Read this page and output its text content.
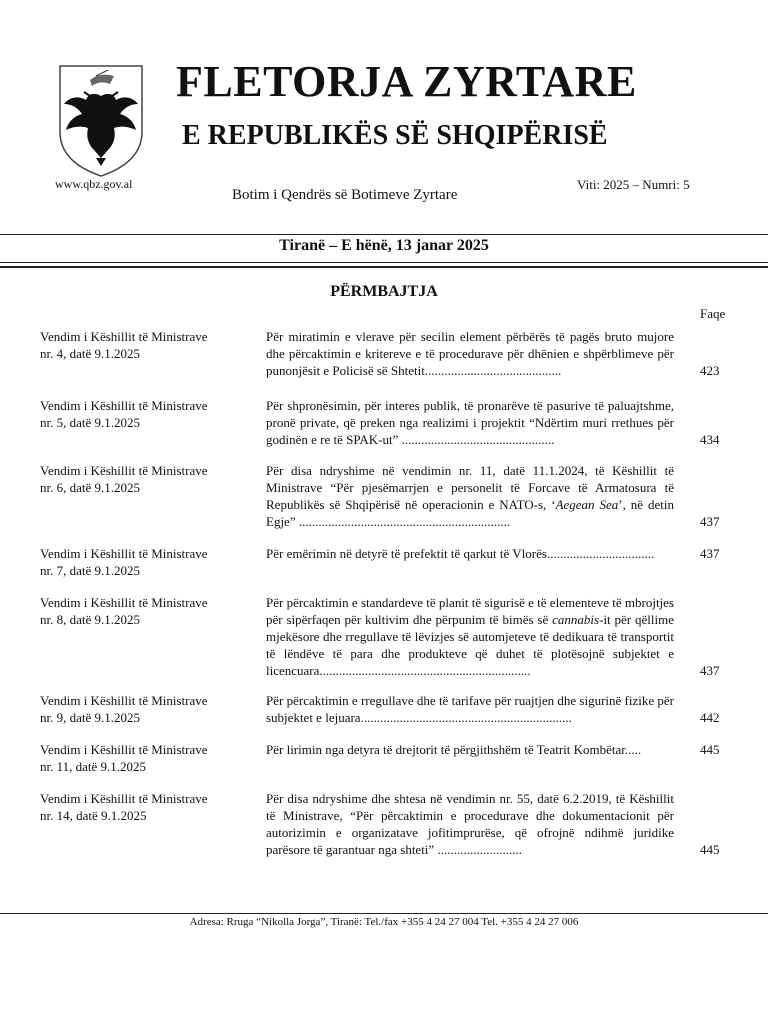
FLETORJA ZYRTARE
E REPUBLIKËS SË SHQIPËRISË
www.qbz.gov.al
Botim i Qendrës së Botimeve Zyrtare
Viti: 2025 – Numri: 5
Tiranë – E hënë, 13 janar 2025
PËRMBAJTJA
Faqe
Vendim i Këshillit të Ministrave
nr. 4, datë 9.1.2025
Për miratimin e vlerave për secilin element përbërës të pagës bruto mujore dhe përcaktimin e kritereve e të procedurave për dhënien e shpërblimeve për punonjësit e Policisë së Shtetit..........................................	423
Vendim i Këshillit të Ministrave
nr. 5, datë 9.1.2025
Për shpronësimin, për interes publik, të pronarëve të pasurive të paluajtshme, pronë private, që preken nga realizimi i projektit “Ndërtim muri rrethues për godinën e re të SPAK-ut” ...............................................	434
Vendim i Këshillit të Ministrave
nr. 6, datë 9.1.2025
Për disa ndryshime në vendimin nr. 11, datë 11.1.2024, të Këshillit të Ministrave “Për pjesëmarrjen e personelit të Forcave të Armatosura të Republikës së Shqipërisë në operacionin e NATO-s, ‘Aegean Sea’, në detin Egje” .................................................................	437
Vendim i Këshillit të Ministrave
nr. 7, datë 9.1.2025
Për emërimin në detyrë të prefektit të qarkut të Vlorës.................................	437
Vendim i Këshillit të Ministrave
nr. 8, datë 9.1.2025
Për përcaktimin e standardeve të planit të sigurisë e të elementeve të mbrojtjes për sipërfaqen për kultivim dhe përpunim të bimës së cannabis-it për qëllime mjekësore dhe rregullave të lëvizjes së automjeteve të dedikuara të transportit të lëndëve të para dhe produkteve që duhet të plotësojnë subjektet e licencuara.................................................................	437
Vendim i Këshillit të Ministrave
nr. 9, datë 9.1.2025
Për përcaktimin e rregullave dhe të tarifave për ruajtjen dhe sigurinë fizike për subjektet e lejuara.................................................................	442
Vendim i Këshillit të Ministrave
nr. 11, datë 9.1.2025
Për lirimin nga detyra të drejtorit të përgjithshëm të Teatrit Kombëtar.....	445
Vendim i Këshillit të Ministrave
nr. 14, datë 9.1.2025
Për disa ndryshime dhe shtesa në vendimin nr. 55, datë 6.2.2019, të Këshillit të Ministrave, “Për përcaktimin e procedurave dhe dokumentacionit për autorizimin e organizatave jofitimprurëse, që ofrojnë ndihmë juridike parësore të garantuar nga shteti” ..........................	445
Adresa: Rruga “Nikolla Jorga”, Tiranë: Tel./fax +355 4 24 27 004 Tel. +355 4 24 27 006
